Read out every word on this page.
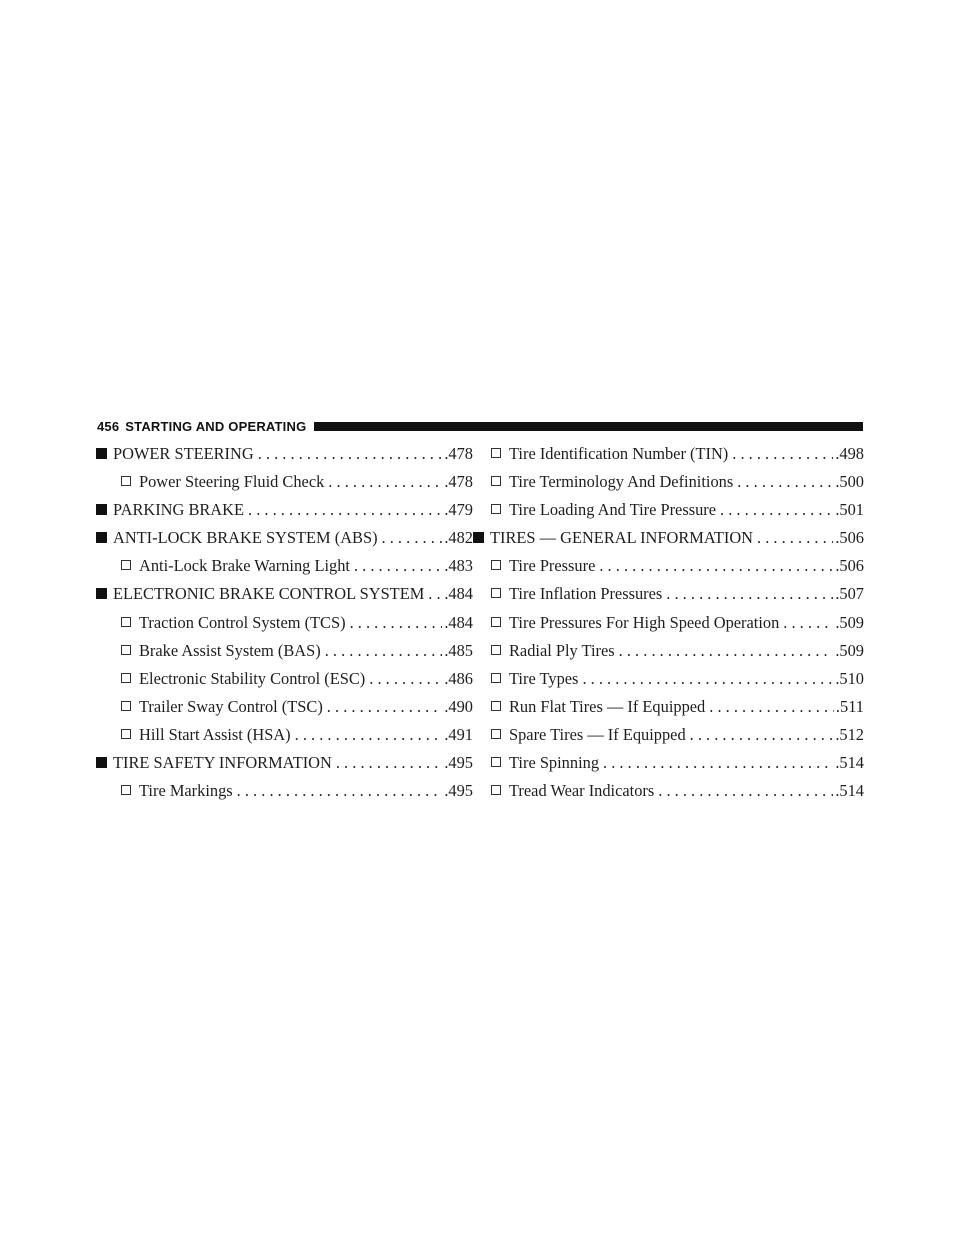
456 STARTING AND OPERATING
POWER STEERING . . .	.478
Power Steering Fluid Check . . .	.478
PARKING BRAKE . . .	.479
ANTI-LOCK BRAKE SYSTEM (ABS) . . .	.482
Anti-Lock Brake Warning Light . . .	.483
ELECTRONIC BRAKE CONTROL SYSTEM . . . .484
Traction Control System (TCS) . . .	.484
Brake Assist System (BAS) . . .	.485
Electronic Stability Control (ESC) . . .	.486
Trailer Sway Control (TSC) . . .	.490
Hill Start Assist (HSA) . . .	.491
TIRE SAFETY INFORMATION . . .	.495
Tire Markings . . .	.495
Tire Identification Number (TIN) . . .	.498
Tire Terminology And Definitions . . .	.500
Tire Loading And Tire Pressure . . .	.501
TIRES — GENERAL INFORMATION . . .	.506
Tire Pressure . . .	.506
Tire Inflation Pressures . . .	.507
Tire Pressures For High Speed Operation . . .	.509
Radial Ply Tires . . .	.509
Tire Types . . .	.510
Run Flat Tires — If Equipped . . .	.511
Spare Tires — If Equipped . . .	.512
Tire Spinning . . .	.514
Tread Wear Indicators . . .	.514
